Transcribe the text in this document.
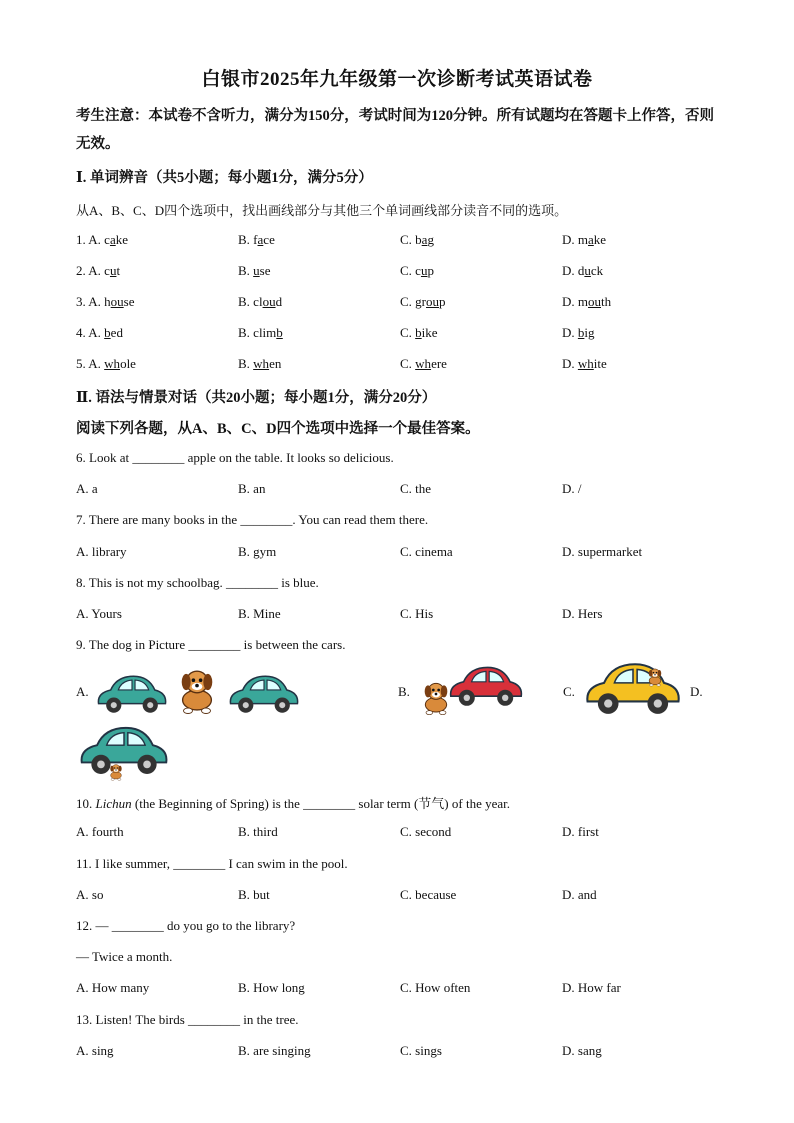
白银市2025年九年级第一次诊断考试英语试卷
考生注意：本试卷不含听力，满分为150分，考试时间为120分钟。所有试题均在答题卡上作答，否则无效。
Ⅰ. 单词辨音（共5小题；每小题1分，满分5分）
从A、B、C、D四个选项中，找出画线部分与其他三个单词画线部分读音不同的选项。
1. A. cake	B. face	C. bag	D. make
2. A. cut	B. use	C. cup	D. duck
3. A. house	B. cloud	C. group	D. mouth
4. A. bed	B. climb	C. bike	D. big
5. A. whole	B. when	C. where	D. white
Ⅱ. 语法与情景对话（共20小题；每小题1分，满分20分）
阅读下列各题，从A、B、C、D四个选项中选择一个最佳答案。
6. Look at ________ apple on the table. It looks so delicious.
A. a	B. an	C. the	D. /
7. There are many books in the ________. You can read them there.
A. library	B. gym	C. cinema	D. supermarket
8. This is not my schoolbag. ________ is blue.
A. Yours	B. Mine	C. His	D. Hers
9. The dog in Picture ________ is between the cars.
A.	B.	C.	D.
10. Lichun (the Beginning of Spring) is the ________ solar term (节气) of the year.
A. fourth	B. third	C. second	D. first
11. I like summer, ________ I can swim in the pool.
A. so	B. but	C. because	D. and
12. — ________ do you go to the library?
— Twice a month.
A. How many	B. How long	C. How often	D. How far
13. Listen! The birds ________ in the tree.
A. sing	B. are singing	C. sings	D. sang
